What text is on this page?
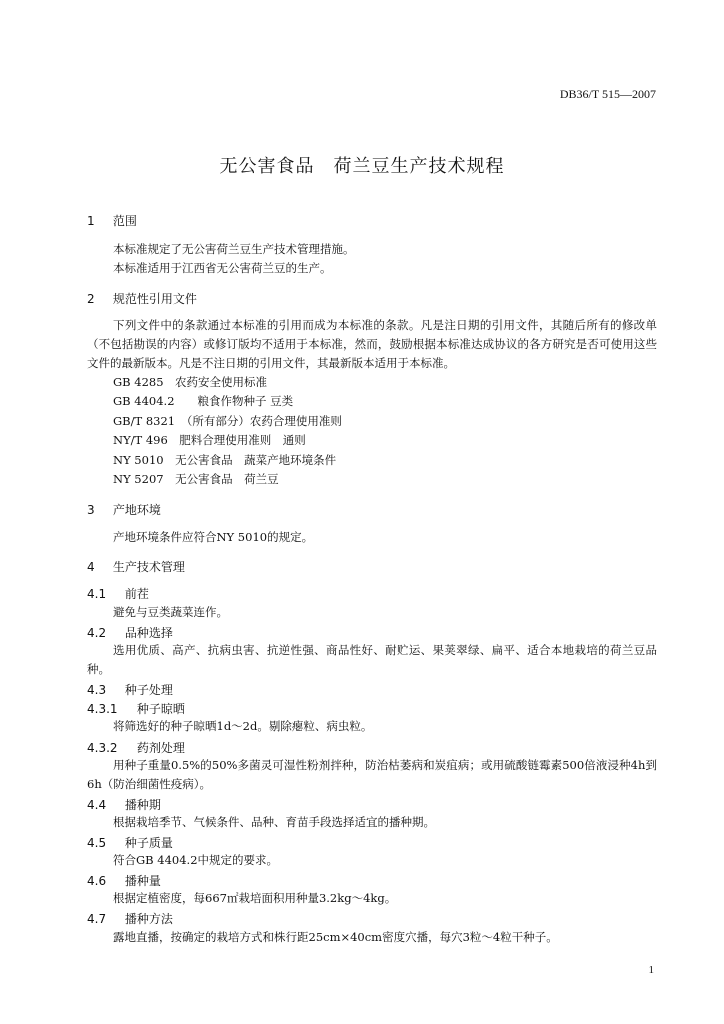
DB36/T 515—2007
无公害食品　荷兰豆生产技术规程
1 范围
本标准规定了无公害荷兰豆生产技术管理措施。
本标准适用于江西省无公害荷兰豆的生产。
2 规范性引用文件
下列文件中的条款通过本标准的引用而成为本标准的条款。凡是注日期的引用文件，其随后所有的修改单（不包括勘误的内容）或修订版均不适用于本标准，然而，鼓励根据本标准达成协议的各方研究是否可使用这些文件的最新版本。凡是不注日期的引用文件，其最新版本适用于本标准。
GB 4285　农药安全使用标准
GB 4404.2　　粮食作物种子 豆类
GB/T 8321　（所有部分）农药合理使用准则
NY/T 496　肥料合理使用准则　通则
NY 5010　无公害食品　蔬菜产地环境条件
NY 5207　无公害食品　荷兰豆
3 产地环境
产地环境条件应符合NY 5010的规定。
4 生产技术管理
4.1 前茬
避免与豆类蔬菜连作。
4.2 品种选择
选用优质、高产、抗病虫害、抗逆性强、商品性好、耐贮运、果荚翠绿、扁平、适合本地栽培的荷兰豆品种。
4.3 种子处理
4.3.1 种子晾晒
将筛选好的种子晾晒1d～2d。剔除瘪粒、病虫粒。
4.3.2 药剂处理
用种子重量0.5%的50%多菌灵可湿性粉剂拌种，防治枯萎病和炭疽病；或用硫酸链霉素500倍液浸种4h到6h（防治细菌性疫病）。
4.4 播种期
根据栽培季节、气候条件、品种、育苗手段选择适宜的播种期。
4.5 种子质量
符合GB 4404.2中规定的要求。
4.6 播种量
根据定植密度，每667㎡栽培面积用种量3.2kg～4kg。
4.7 播种方法
露地直播，按确定的栽培方式和株行距25cm×40cm密度穴播，每穴3粒～4粒干种子。
1
